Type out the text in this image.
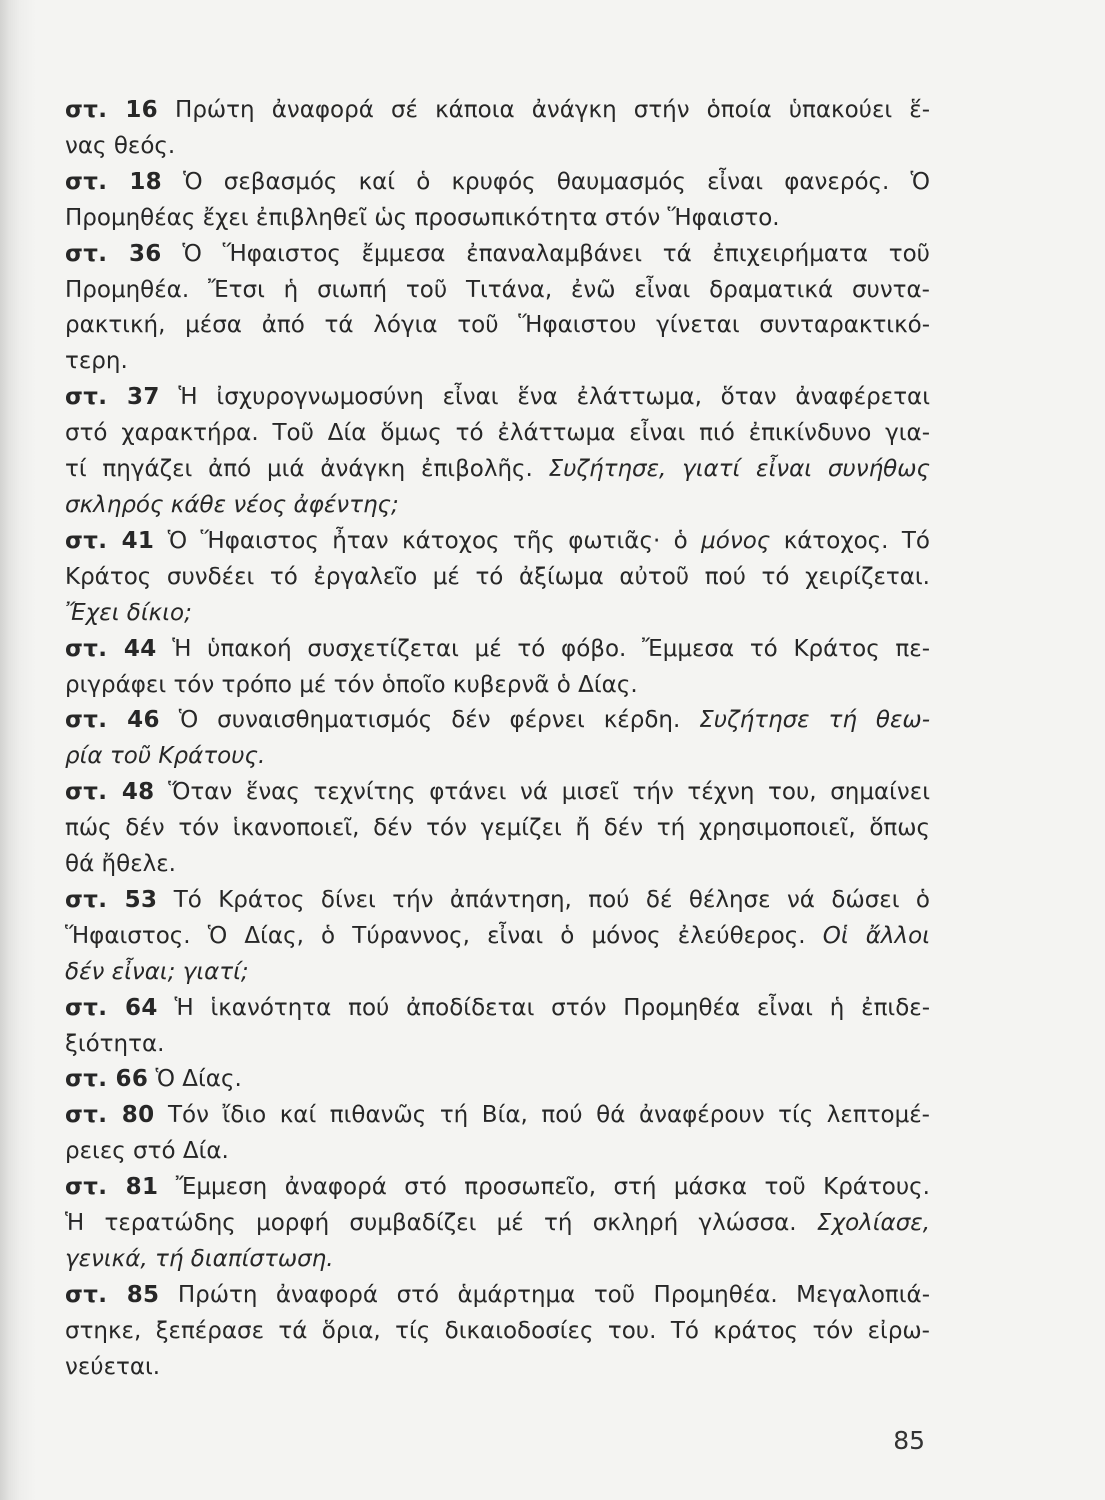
στ. 16 Πρώτη ἀναφορά σέ κάποια ἀνάγκη στήν ὁποία ὑπακούει ἕ-
νας θεός.
στ. 18 Ὁ σεβασμός καί ὁ κρυφός θαυμασμός εἶναι φανερός. Ὁ
Προμηθέας ἔχει ἐπιβληθεῖ ὡς προσωπικότητα στόν Ἥφαιστο.
στ. 36 Ὁ Ἥφαιστος ἔμμεσα ἐπαναλαμβάνει τά ἐπιχειρήματα τοῦ
Προμηθέα. Ἔτσι ἡ σιωπή τοῦ Τιτάνα, ἐνῶ εἶναι δραματικά συντα-
ρακτική, μέσα ἀπό τά λόγια τοῦ Ἥφαιστου γίνεται συνταρακτικό-
τερη.
στ. 37 Ἡ ἰσχυρογνωμοσύνη εἶναι ἕνα ἐλάττωμα, ὅταν ἀναφέρεται
στό χαρακτήρα. Τοῦ Δία ὅμως τό ἐλάττωμα εἶναι πιό ἐπικίνδυνο για-
τί πηγάζει ἀπό μιά ἀνάγκη ἐπιβολῆς. Συζήτησε, γιατί εἶναι συνήθως
σκληρός κάθε νέος ἀφέντης;
στ. 41 Ὁ Ἥφαιστος ἦταν κάτοχος τῆς φωτιᾶς· ὁ μόνος κάτοχος. Τό
Κράτος συνδέει τό ἐργαλεῖο μέ τό ἀξίωμα αὐτοῦ πού τό χειρίζεται.
Ἔχει δίκιο;
στ. 44 Ἡ ὑπακοή συσχετίζεται μέ τό φόβο. Ἔμμεσα τό Κράτος πε-
ριγράφει τόν τρόπο μέ τόν ὁποῖο κυβερνᾶ ὁ Δίας.
στ. 46 Ὁ συναισθηματισμός δέν φέρνει κέρδη. Συζήτησε τή θεω-
ρία τοῦ Κράτους.
στ. 48 Ὅταν ἕνας τεχνίτης φτάνει νά μισεῖ τήν τέχνη του, σημαίνει
πώς δέν τόν ἱκανοποιεῖ, δέν τόν γεμίζει ἤ δέν τή χρησιμοποιεῖ, ὅπως
θά ἤθελε.
στ. 53 Τό Κράτος δίνει τήν ἀπάντηση, πού δέ θέλησε νά δώσει ὁ
Ἥφαιστος. Ὁ Δίας, ὁ Τύραννος, εἶναι ὁ μόνος ἐλεύθερος. Οἱ ἄλλοι
δέν εἶναι; γιατί;
στ. 64 Ἡ ἱκανότητα πού ἀποδίδεται στόν Προμηθέα εἶναι ἡ ἐπιδε-
ξιότητα.
στ. 66 Ὁ Δίας.
στ. 80 Τόν ἴδιο καί πιθανῶς τή Βία, πού θά ἀναφέρουν τίς λεπτομέ-
ρειες στό Δία.
στ. 81 Ἔμμεση ἀναφορά στό προσωπεῖο, στή μάσκα τοῦ Κράτους.
Ἡ τερατώδης μορφή συμβαδίζει μέ τή σκληρή γλώσσα. Σχολίασε,
γενικά, τή διαπίστωση.
στ. 85 Πρώτη ἀναφορά στό ἁμάρτημα τοῦ Προμηθέα. Μεγαλοπιά-
στηκε, ξεπέρασε τά ὅρια, τίς δικαιοδοσίες του. Τό κράτος τόν εἰρω-
νεύεται.
85
